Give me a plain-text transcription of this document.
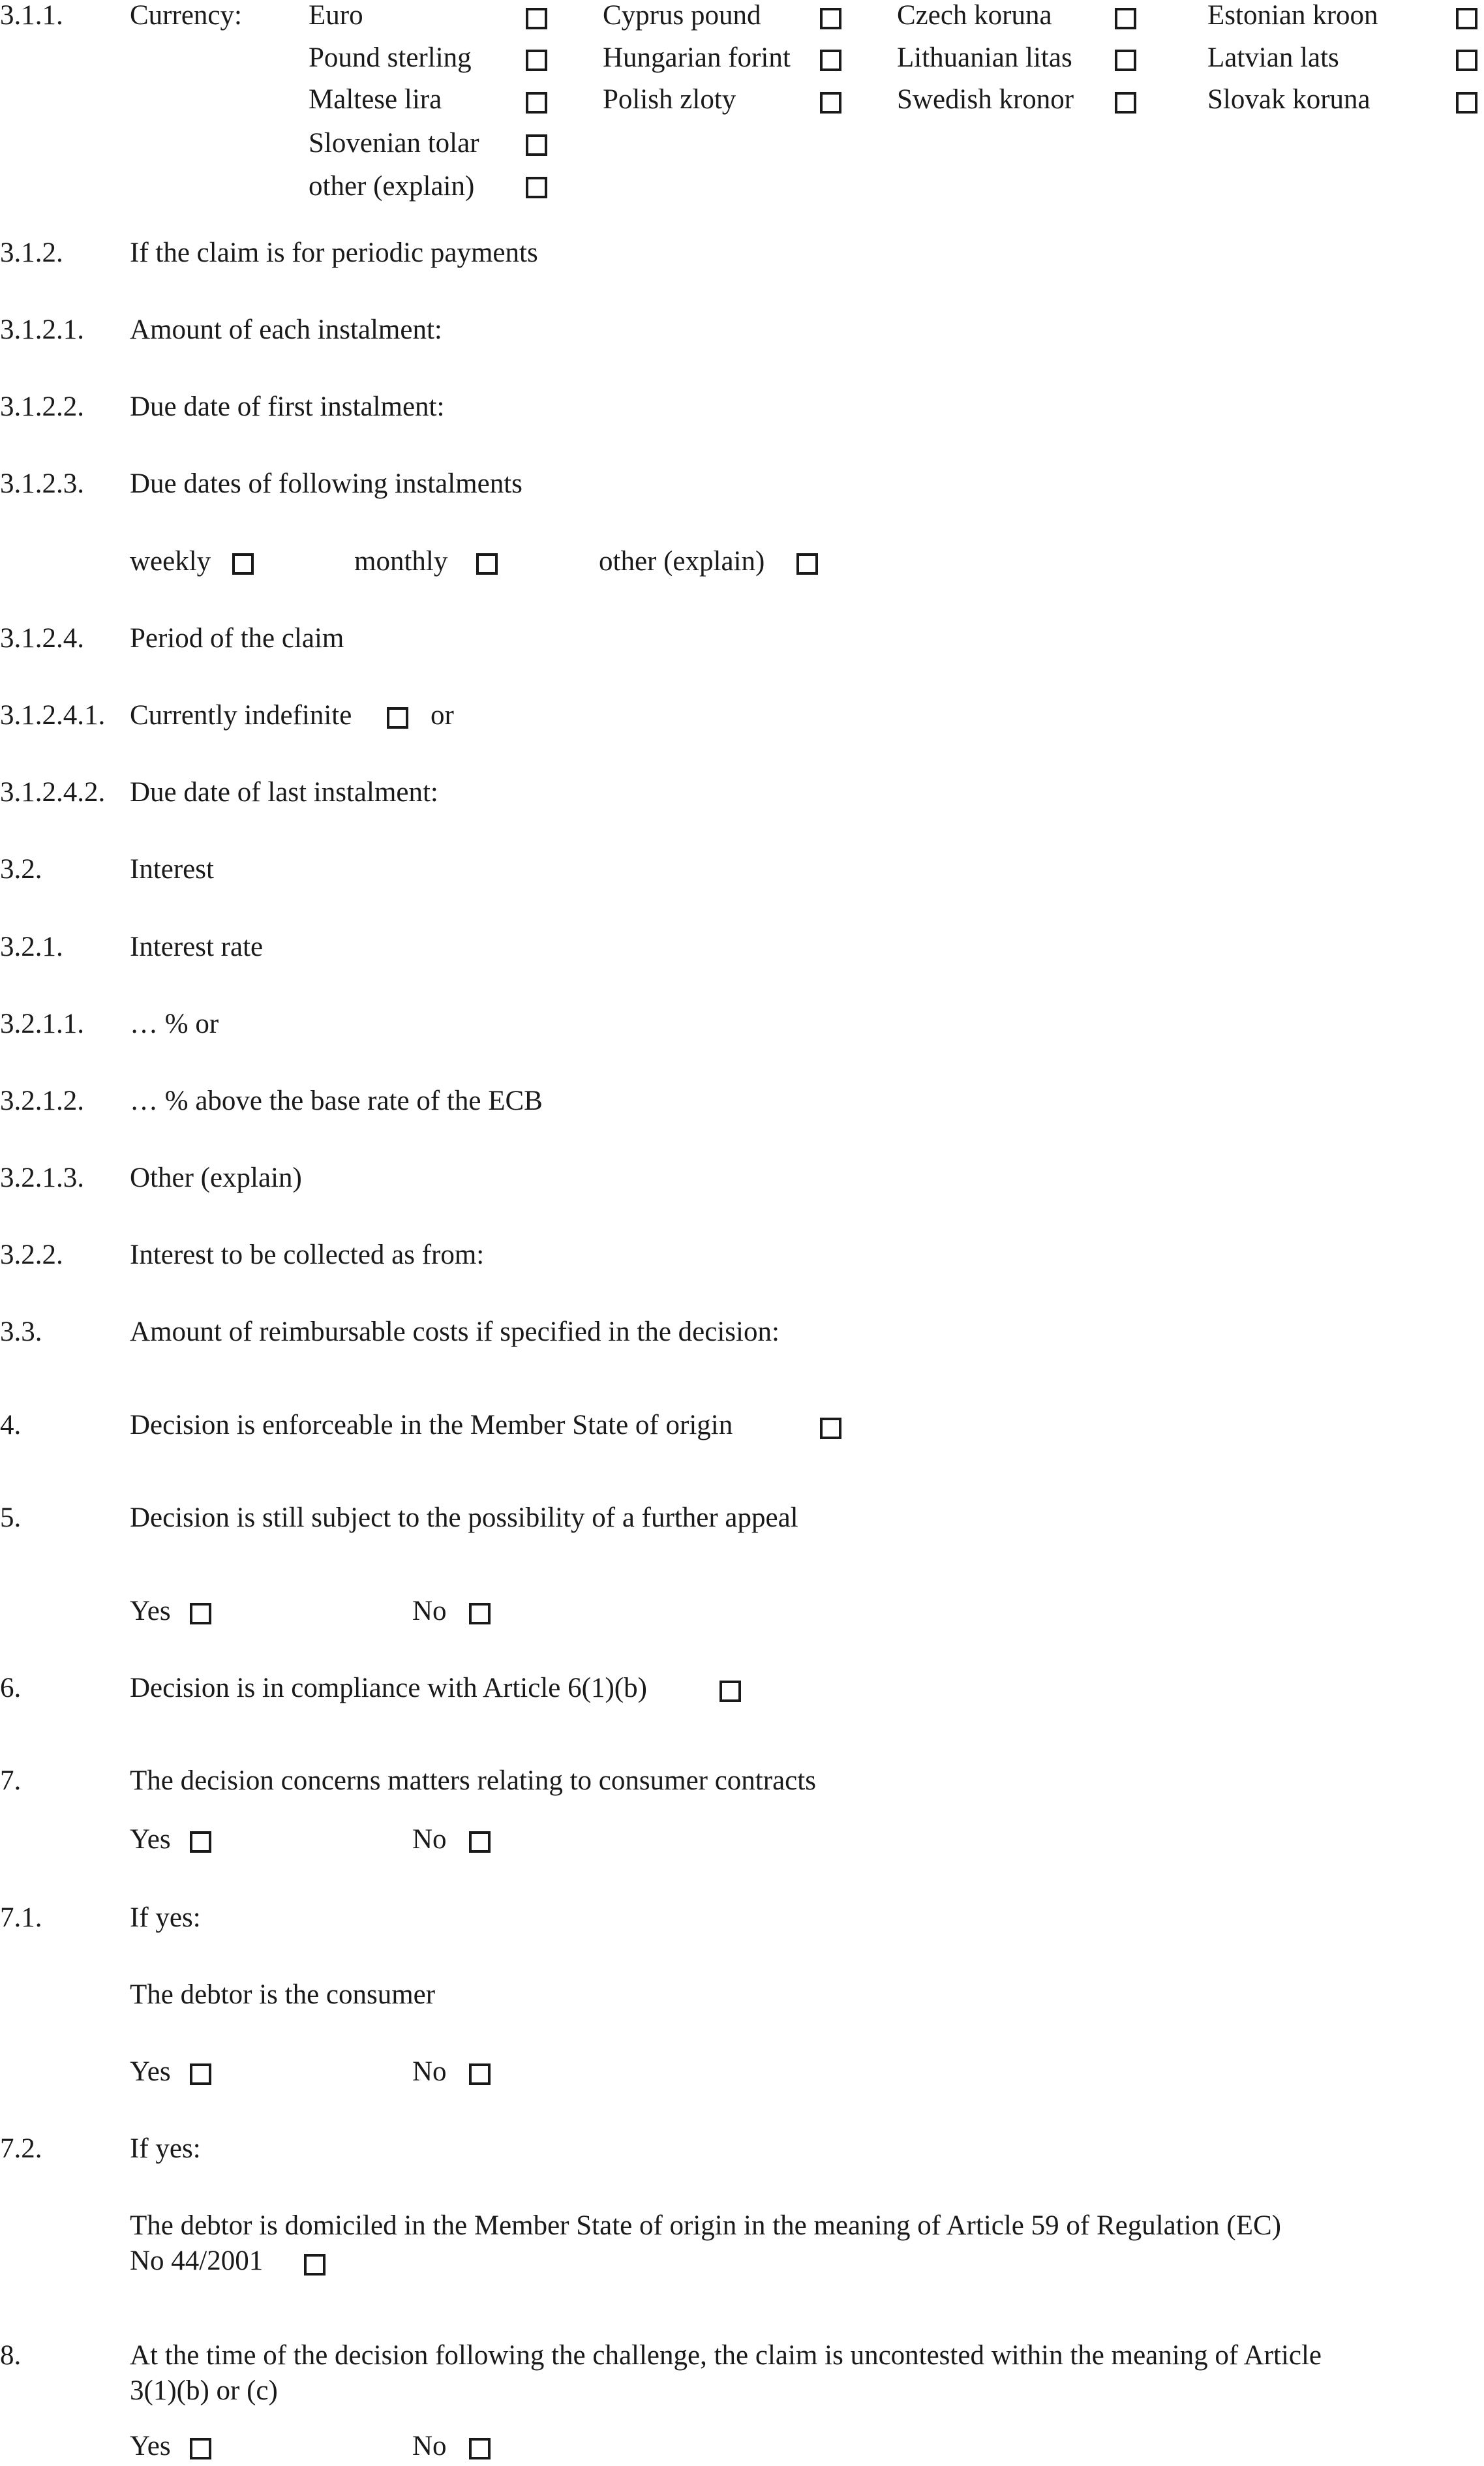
3.1.1. Currency: Euro	Cyprus pound	Czech koruna	Estonian kroon
Pound sterling	Hungarian forint	Lithuanian litas	Latvian lats
Maltese lira	Polish zloty	Swedish kronor	Slovak koruna
Slovenian tolar
other (explain)
3.1.2. If the claim is for periodic payments
3.1.2.1. Amount of each instalment:
3.1.2.2. Due date of first instalment:
3.1.2.3. Due dates of following instalments
weekly	monthly	other (explain)
3.1.2.4. Period of the claim
3.1.2.4.1. Currently indefinite	or
3.1.2.4.2. Due date of last instalment:
3.2.	Interest
3.2.1. Interest rate
3.2.1.1. … % or
3.2.1.2. … % above the base rate of the ECB
3.2.1.3. Other (explain)
3.2.2. Interest to be collected as from:
3.3.	Amount of reimbursable costs if specified in the decision:
4.	Decision is enforceable in the Member State of origin
5.	Decision is still subject to the possibility of a further appeal
Yes	No
6.	Decision is in compliance with Article 6(1)(b)
7.	The decision concerns matters relating to consumer contracts
Yes	No
7.1.	If yes:
The debtor is the consumer
Yes	No
7.2.	If yes:
The debtor is domiciled in the Member State of origin in the meaning of Article 59 of Regulation (EC)
No 44/2001
8.	At the time of the decision following the challenge, the claim is uncontested within the meaning of Article
3(1)(b) or (c)
Yes	No
